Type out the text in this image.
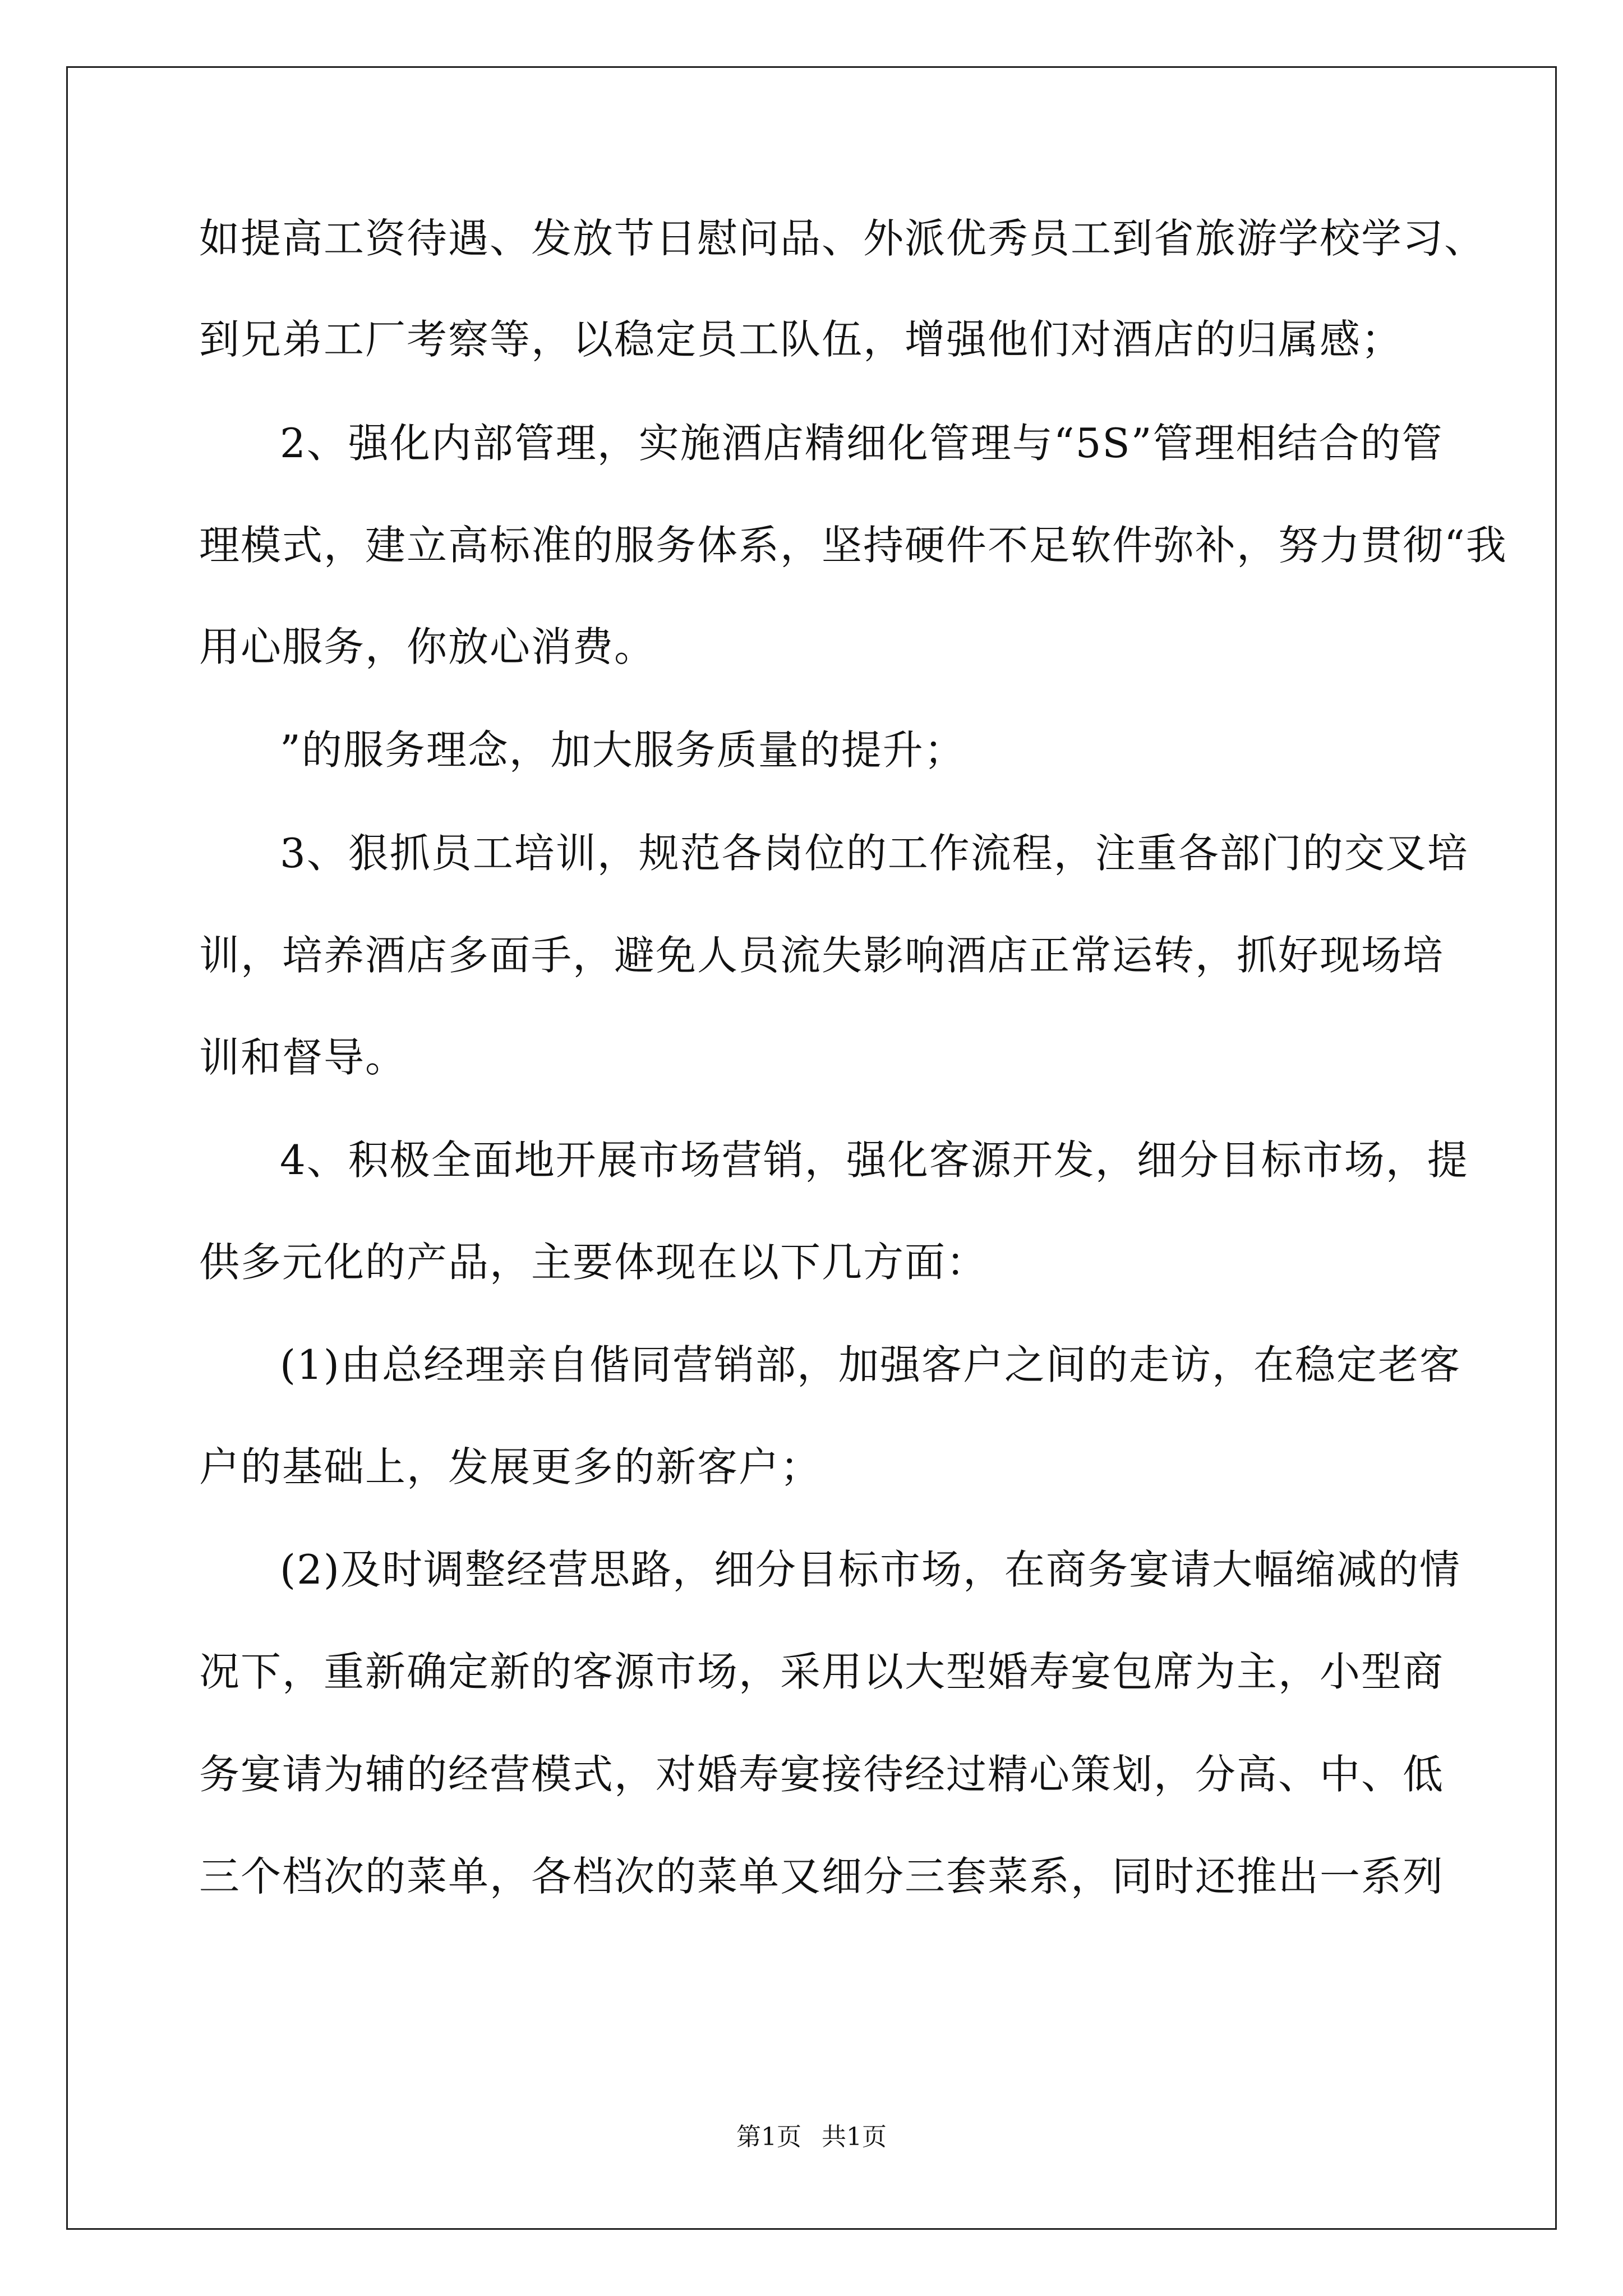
如提高工资待遇、发放节日慰问品、外派优秀员工到省旅游学校学习、
到兄弟工厂考察等，以稳定员工队伍，增强他们对酒店的归属感；
2、强化内部管理，实施酒店精细化管理与“5S”管理相结合的管
理模式，建立高标准的服务体系，坚持硬件不足软件弥补，努力贯彻“我
用心服务，你放心消费。
”的服务理念，加大服务质量的提升；
3、狠抓员工培训，规范各岗位的工作流程，注重各部门的交叉培
训，培养酒店多面手，避免人员流失影响酒店正常运转，抓好现场培
训和督导。
4、积极全面地开展市场营销，强化客源开发，细分目标市场，提
供多元化的产品，主要体现在以下几方面：
(1)由总经理亲自偕同营销部，加强客户之间的走访，在稳定老客
户的基础上，发展更多的新客户；
(2)及时调整经营思路，细分目标市场，在商务宴请大幅缩减的情
况下，重新确定新的客源市场，采用以大型婚寿宴包席为主，小型商
务宴请为辅的经营模式，对婚寿宴接待经过精心策划，分高、中、低
三个档次的菜单，各档次的菜单又细分三套菜系，同时还推出一系列
第1页 共1页
